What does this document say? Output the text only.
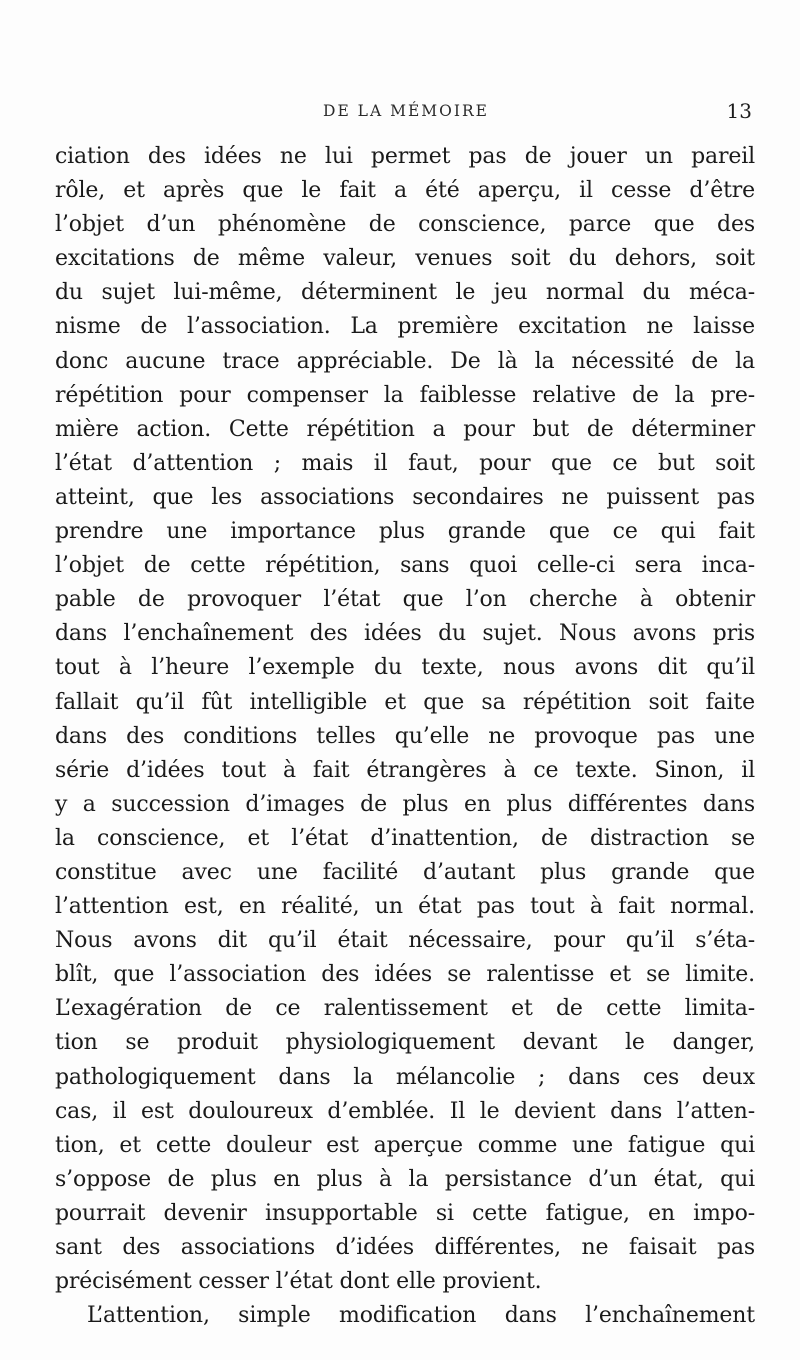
DE LA MÉMOIRE	13
ciation des idées ne lui permet pas de jouer un pareil
rôle, et après que le fait a été aperçu, il cesse d’être
l’objet d’un phénomène de conscience, parce que des
excitations de même valeur, venues soit du dehors, soit
du sujet lui-même, déterminent le jeu normal du méca-
nisme de l’association. La première excitation ne laisse
donc aucune trace appréciable. De là la nécessité de la
répétition pour compenser la faiblesse relative de la pre-
mière action. Cette répétition a pour but de déterminer
l’état d’attention ; mais il faut, pour que ce but soit
atteint, que les associations secondaires ne puissent pas
prendre une importance plus grande que ce qui fait
l’objet de cette répétition, sans quoi celle-ci sera inca-
pable de provoquer l’état que l’on cherche à obtenir
dans l’enchaînement des idées du sujet. Nous avons pris
tout à l’heure l’exemple du texte, nous avons dit qu’il
fallait qu’il fût intelligible et que sa répétition soit faite
dans des conditions telles qu’elle ne provoque pas une
série d’idées tout à fait étrangères à ce texte. Sinon, il
y a succession d’images de plus en plus différentes dans
la conscience, et l’état d’inattention, de distraction se
constitue avec une facilité d’autant plus grande que
l’attention est, en réalité, un état pas tout à fait normal.
Nous avons dit qu’il était nécessaire, pour qu’il s’éta-
blît, que l’association des idées se ralentisse et se limite.
L’exagération de ce ralentissement et de cette limita-
tion se produit physiologiquement devant le danger,
pathologiquement dans la mélancolie ; dans ces deux
cas, il est douloureux d’emblée. Il le devient dans l’atten-
tion, et cette douleur est aperçue comme une fatigue qui
s’oppose de plus en plus à la persistance d’un état, qui
pourrait devenir insupportable si cette fatigue, en impo-
sant des associations d’idées différentes, ne faisait pas
précisément cesser l’état dont elle provient.
L’attention, simple modification dans l’enchaînement
